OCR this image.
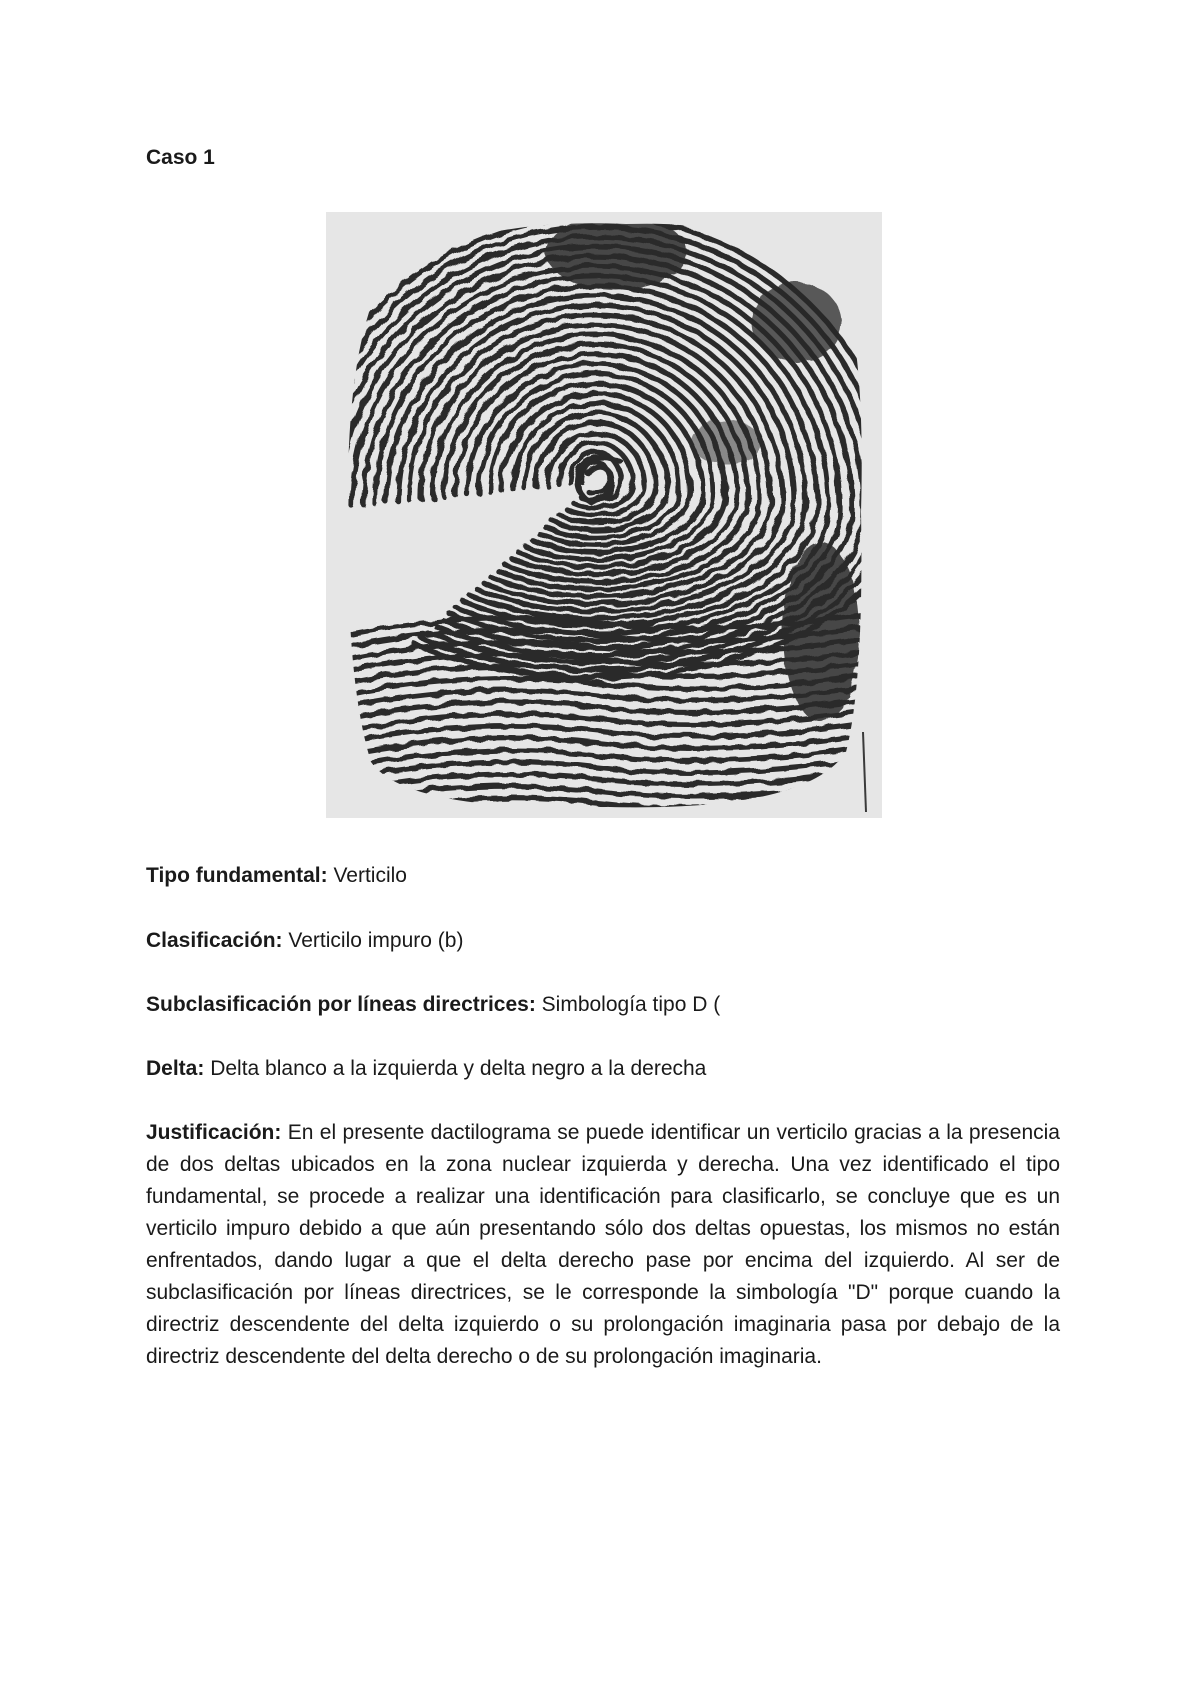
Caso 1
Tipo fundamental: Verticilo
Clasificación: Verticilo impuro (b)
Subclasificación por líneas directrices: Simbología tipo D (
Delta: Delta blanco a la izquierda y delta negro a la derecha
Justificación: En el presente dactilograma se puede identificar un verticilo gracias a la presencia de dos deltas ubicados en la zona nuclear izquierda y derecha. Una vez identificado el tipo fundamental, se procede a realizar una identificación para clasificarlo, se concluye que es un verticilo impuro debido a que aún presentando sólo dos deltas opuestas, los mismos no están enfrentados, dando lugar a que el delta derecho pase por encima del izquierdo. Al ser de subclasificación por líneas directrices, se le corresponde la simbología "D" porque cuando la directriz descendente del delta izquierdo o su prolongación imaginaria pasa por debajo de la directriz descendente del delta derecho o de su prolongación imaginaria.
